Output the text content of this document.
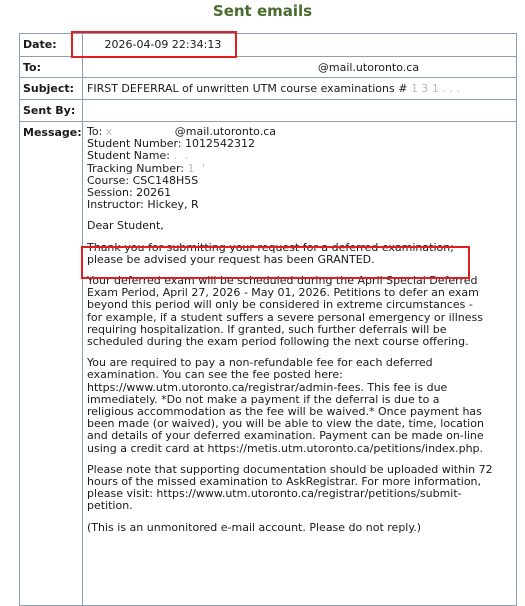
Sent emails
Date:	2026-04-09 22:34:13
To:	@mail.utoronto.ca
Subject:	FIRST DEFERRAL of unwritten UTM course examinations # 1 3 1 . . .
Sent By:
Message: To: x           @mail.utoronto.ca
Student Number: 1012542312
Student Name: . .
Tracking Number: 1 '
Course: CSC148H5S
Session: 20261
Instructor: Hickey, R
Dear Student,
Thank you for submitting your request for a deferred examination;
please be advised your request has been GRANTED.
Your deferred exam will be scheduled during the April Special Deferred
Exam Period, April 27, 2026 - May 01, 2026. Petitions to defer an exam
beyond this period will only be considered in extreme circumstances -
for example, if a student suffers a severe personal emergency or illness
requiring hospitalization. If granted, such further deferrals will be
scheduled during the exam period following the next course offering.
You are required to pay a non-refundable fee for each deferred
examination. You can see the fee posted here:
https://www.utm.utoronto.ca/registrar/admin-fees. This fee is due
immediately. *Do not make a payment if the deferral is due to a
religious accommodation as the fee will be waived.* Once payment has
been made (or waived), you will be able to view the date, time, location
and details of your deferred examination. Payment can be made on-line
using a credit card at https://metis.utm.utoronto.ca/petitions/index.php.
Please note that supporting documentation should be uploaded within 72
hours of the missed examination to AskRegistrar. For more information,
please visit: https://www.utm.utoronto.ca/registrar/petitions/submit-
petition.
(This is an unmonitored e-mail account. Please do not reply.)
